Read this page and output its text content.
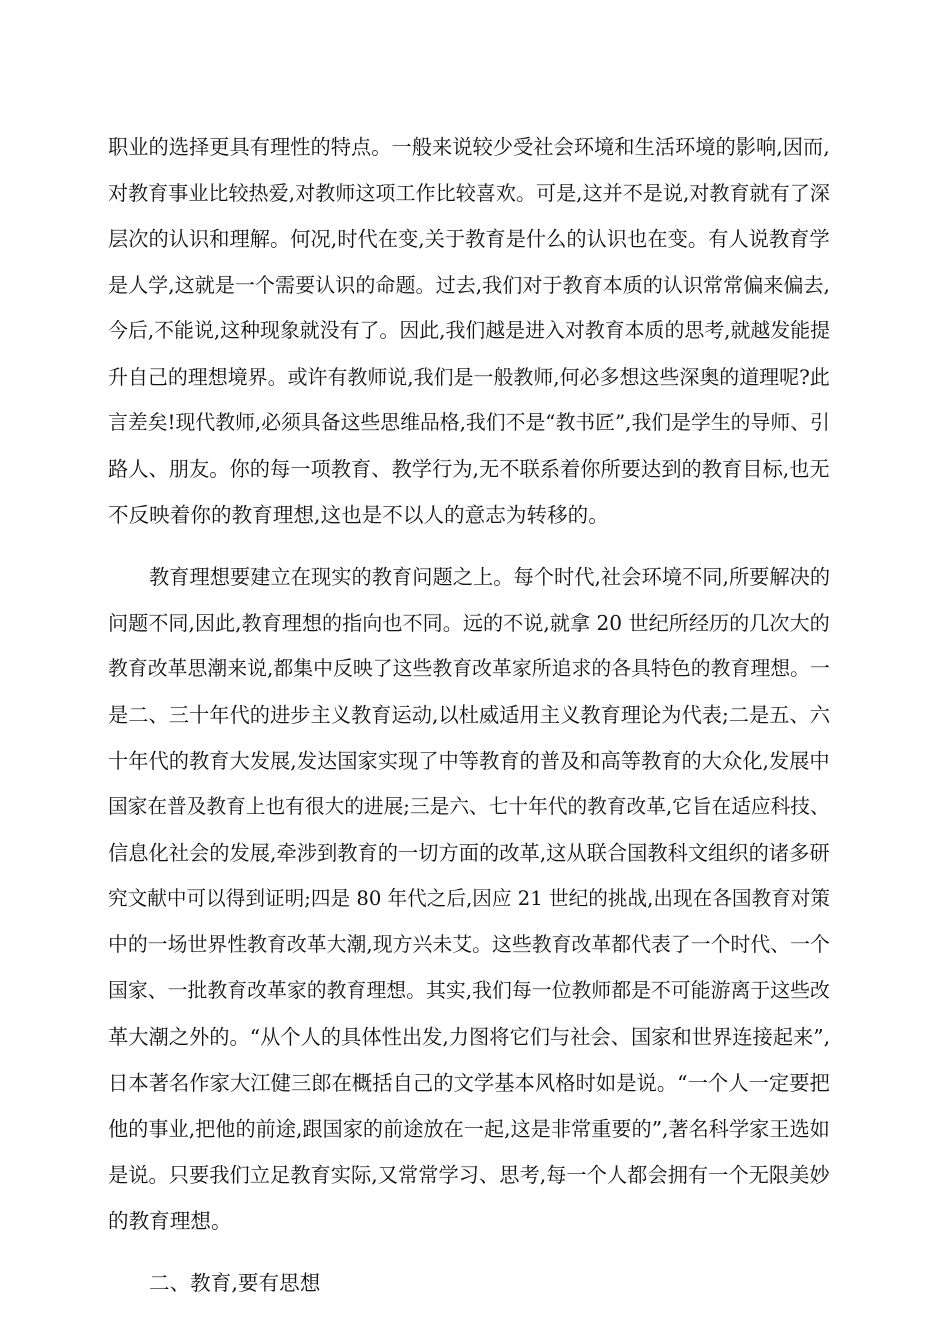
职业的选择更具有理性的特点。一般来说较少受社会环境和生活环境的影响,因而,

对教育事业比较热爱,对教师这项工作比较喜欢。可是,这并不是说,对教育就有了深

层次的认识和理解。何况,时代在变,关于教育是什么的认识也在变。有人说教育学

是人学,这就是一个需要认识的命题。过去,我们对于教育本质的认识常常偏来偏去,

今后,不能说,这种现象就没有了。因此,我们越是进入对教育本质的思考,就越发能提

升自己的理想境界。或许有教师说,我们是一般教师,何必多想这些深奥的道理呢?此

言差矣!现代教师,必须具备这些思维品格,我们不是“教书匠”,我们是学生的导师、引

路人、朋友。你的每一项教育、教学行为,无不联系着你所要达到的教育目标,也无

不反映着你的教育理想,这也是不以人的意志为转移的。

教育理想要建立在现实的教育问题之上。每个时代,社会环境不同,所要解决的

问题不同,因此,教育理想的指向也不同。远的不说,就拿 20 世纪所经历的几次大的

教育改革思潮来说,都集中反映了这些教育改革家所追求的各具特色的教育理想。一

是二、三十年代的进步主义教育运动,以杜威适用主义教育理论为代表;二是五、六

十年代的教育大发展,发达国家实现了中等教育的普及和高等教育的大众化,发展中

国家在普及教育上也有很大的进展;三是六、七十年代的教育改革,它旨在适应科技、

信息化社会的发展,牵涉到教育的一切方面的改革,这从联合国教科文组织的诸多研

究文献中可以得到证明;四是 80 年代之后,因应 21 世纪的挑战,出现在各国教育对策

中的一场世界性教育改革大潮,现方兴未艾。这些教育改革都代表了一个时代、一个

国家、一批教育改革家的教育理想。其实,我们每一位教师都是不可能游离于这些改

革大潮之外的。“从个人的具体性出发,力图将它们与社会、国家和世界连接起来”,

日本著名作家大江健三郎在概括自己的文学基本风格时如是说。“一个人一定要把

他的事业,把他的前途,跟国家的前途放在一起,这是非常重要的”,著名科学家王选如

是说。只要我们立足教育实际,又常常学习、思考,每一个人都会拥有一个无限美妙

的教育理想。

二、教育,要有思想
